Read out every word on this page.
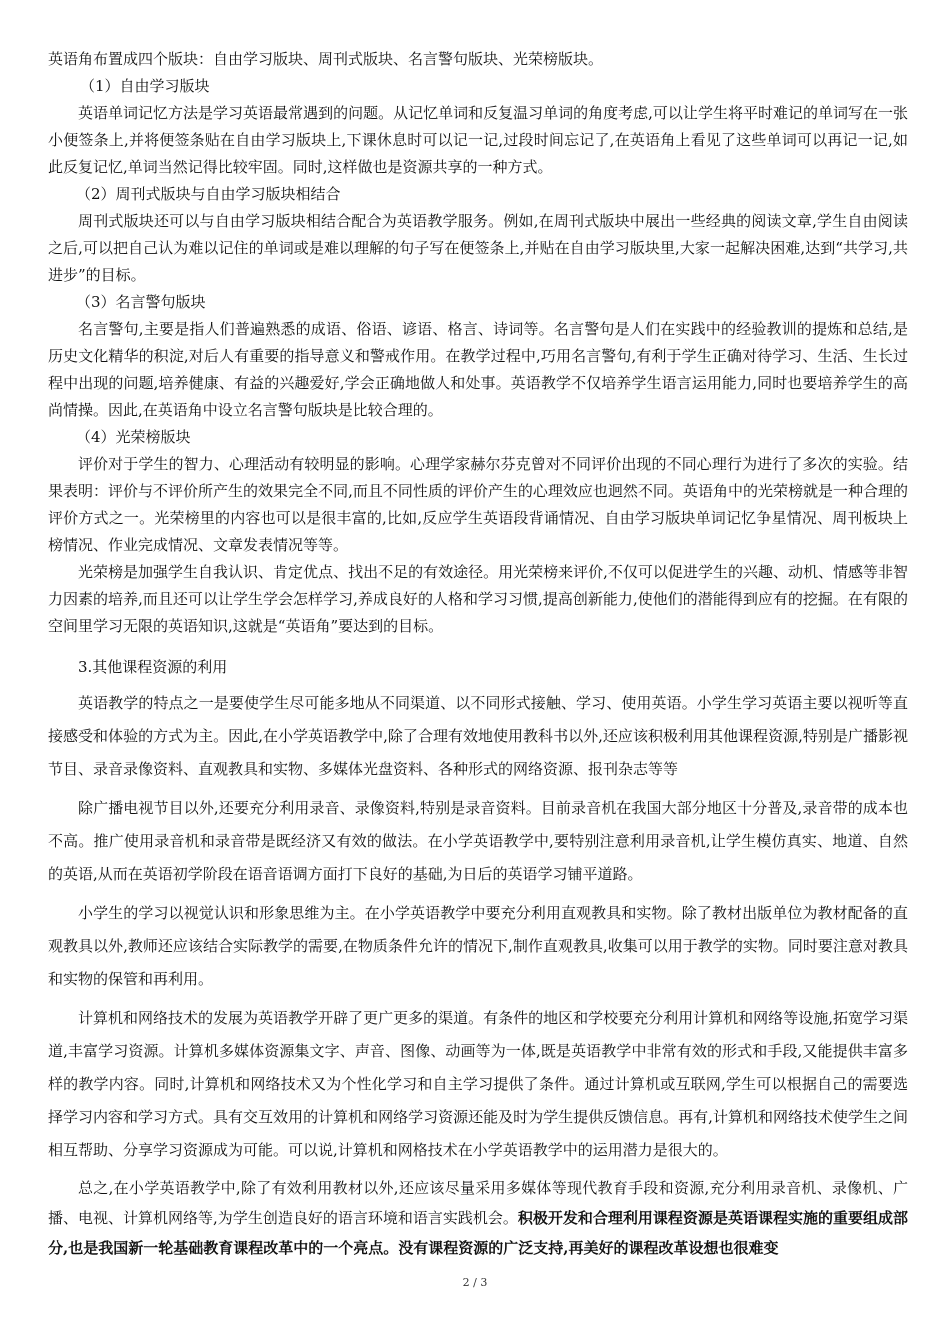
英语角布置成四个版块：自由学习版块、周刊式版块、名言警句版块、光荣榜版块。

（1）自由学习版块

英语单词记忆方法是学习英语最常遇到的问题。从记忆单词和反复温习单词的角度考虑,可以让学生将平时难记的单词写在一张小便签条上,并将便签条贴在自由学习版块上,下课休息时可以记一记,过段时间忘记了,在英语角上看见了这些单词可以再记一记,如此反复记忆,单词当然记得比较牢固。同时,这样做也是资源共享的一种方式。

（2）周刊式版块与自由学习版块相结合

周刊式版块还可以与自由学习版块相结合配合为英语教学服务。例如,在周刊式版块中展出一些经典的阅读文章,学生自由阅读之后,可以把自己认为难以记住的单词或是难以理解的句子写在便签条上,并贴在自由学习版块里,大家一起解决困难,达到“共学习,共进步”的目标。

（3）名言警句版块

名言警句,主要是指人们普遍熟悉的成语、俗语、谚语、格言、诗词等。名言警句是人们在实践中的经验教训的提炼和总结,是历史文化精华的积淀,对后人有重要的指导意义和警戒作用。在教学过程中,巧用名言警句,有利于学生正确对待学习、生活、生长过程中出现的问题,培养健康、有益的兴趣爱好,学会正确地做人和处事。英语教学不仅培养学生语言运用能力,同时也要培养学生的高尚情操。因此,在英语角中设立名言警句版块是比较合理的。

（4）光荣榜版块

评价对于学生的智力、心理活动有较明显的影响。心理学家赫尔芬克曾对不同评价出现的不同心理行为进行了多次的实验。结果表明：评价与不评价所产生的效果完全不同,而且不同性质的评价产生的心理效应也迥然不同。英语角中的光荣榜就是一种合理的评价方式之一。光荣榜里的内容也可以是很丰富的,比如,反应学生英语段背诵情况、自由学习版块单词记忆争星情况、周刊板块上榜情况、作业完成情况、文章发表情况等等。

光荣榜是加强学生自我认识、肯定优点、找出不足的有效途径。用光荣榜来评价,不仅可以促进学生的兴趣、动机、情感等非智力因素的培养,而且还可以让学生学会怎样学习,养成良好的人格和学习习惯,提高创新能力,使他们的潜能得到应有的挖掘。在有限的空间里学习无限的英语知识,这就是“英语角”要达到的目标。

3.其他课程资源的利用

英语教学的特点之一是要使学生尽可能多地从不同渠道、以不同形式接触、学习、使用英语。小学生学习英语主要以视听等直接感受和体验的方式为主。因此,在小学英语教学中,除了合理有效地使用教科书以外,还应该积极利用其他课程资源,特别是广播影视节目、录音录像资料、直观教具和实物、多媒体光盘资料、各种形式的网络资源、报刊杂志等等

除广播电视节目以外,还要充分利用录音、录像资料,特别是录音资料。目前录音机在我国大部分地区十分普及,录音带的成本也不高。推广使用录音机和录音带是既经济又有效的做法。在小学英语教学中,要特别注意利用录音机,让学生模仿真实、地道、自然的英语,从而在英语初学阶段在语音语调方面打下良好的基础,为日后的英语学习铺平道路。

小学生的学习以视觉认识和形象思维为主。在小学英语教学中要充分利用直观教具和实物。除了教材出版单位为教材配备的直观教具以外,教师还应该结合实际教学的需要,在物质条件允许的情况下,制作直观教具,收集可以用于教学的实物。同时要注意对教具和实物的保管和再利用。

计算机和网络技术的发展为英语教学开辟了更广更多的渠道。有条件的地区和学校要充分利用计算机和网络等设施,拓宽学习渠道,丰富学习资源。计算机多媒体资源集文字、声音、图像、动画等为一体,既是英语教学中非常有效的形式和手段,又能提供丰富多样的教学内容。同时,计算机和网络技术又为个性化学习和自主学习提供了条件。通过计算机或互联网,学生可以根据自己的需要选择学习内容和学习方式。具有交互效用的计算机和网络学习资源还能及时为学生提供反馈信息。再有,计算机和网络技术使学生之间相互帮助、分享学习资源成为可能。可以说,计算机和网格技术在小学英语教学中的运用潜力是很大的。

总之,在小学英语教学中,除了有效利用教材以外,还应该尽量采用多媒体等现代教育手段和资源,充分利用录音机、录像机、广播、电视、计算机网络等,为学生创造良好的语言环境和语言实践机会。积极开发和合理利用课程资源是英语课程实施的重要组成部分,也是我国新一轮基础教育课程改革中的一个亮点。没有课程资源的广泛支持,再美好的课程改革设想也很难变

2 / 3
